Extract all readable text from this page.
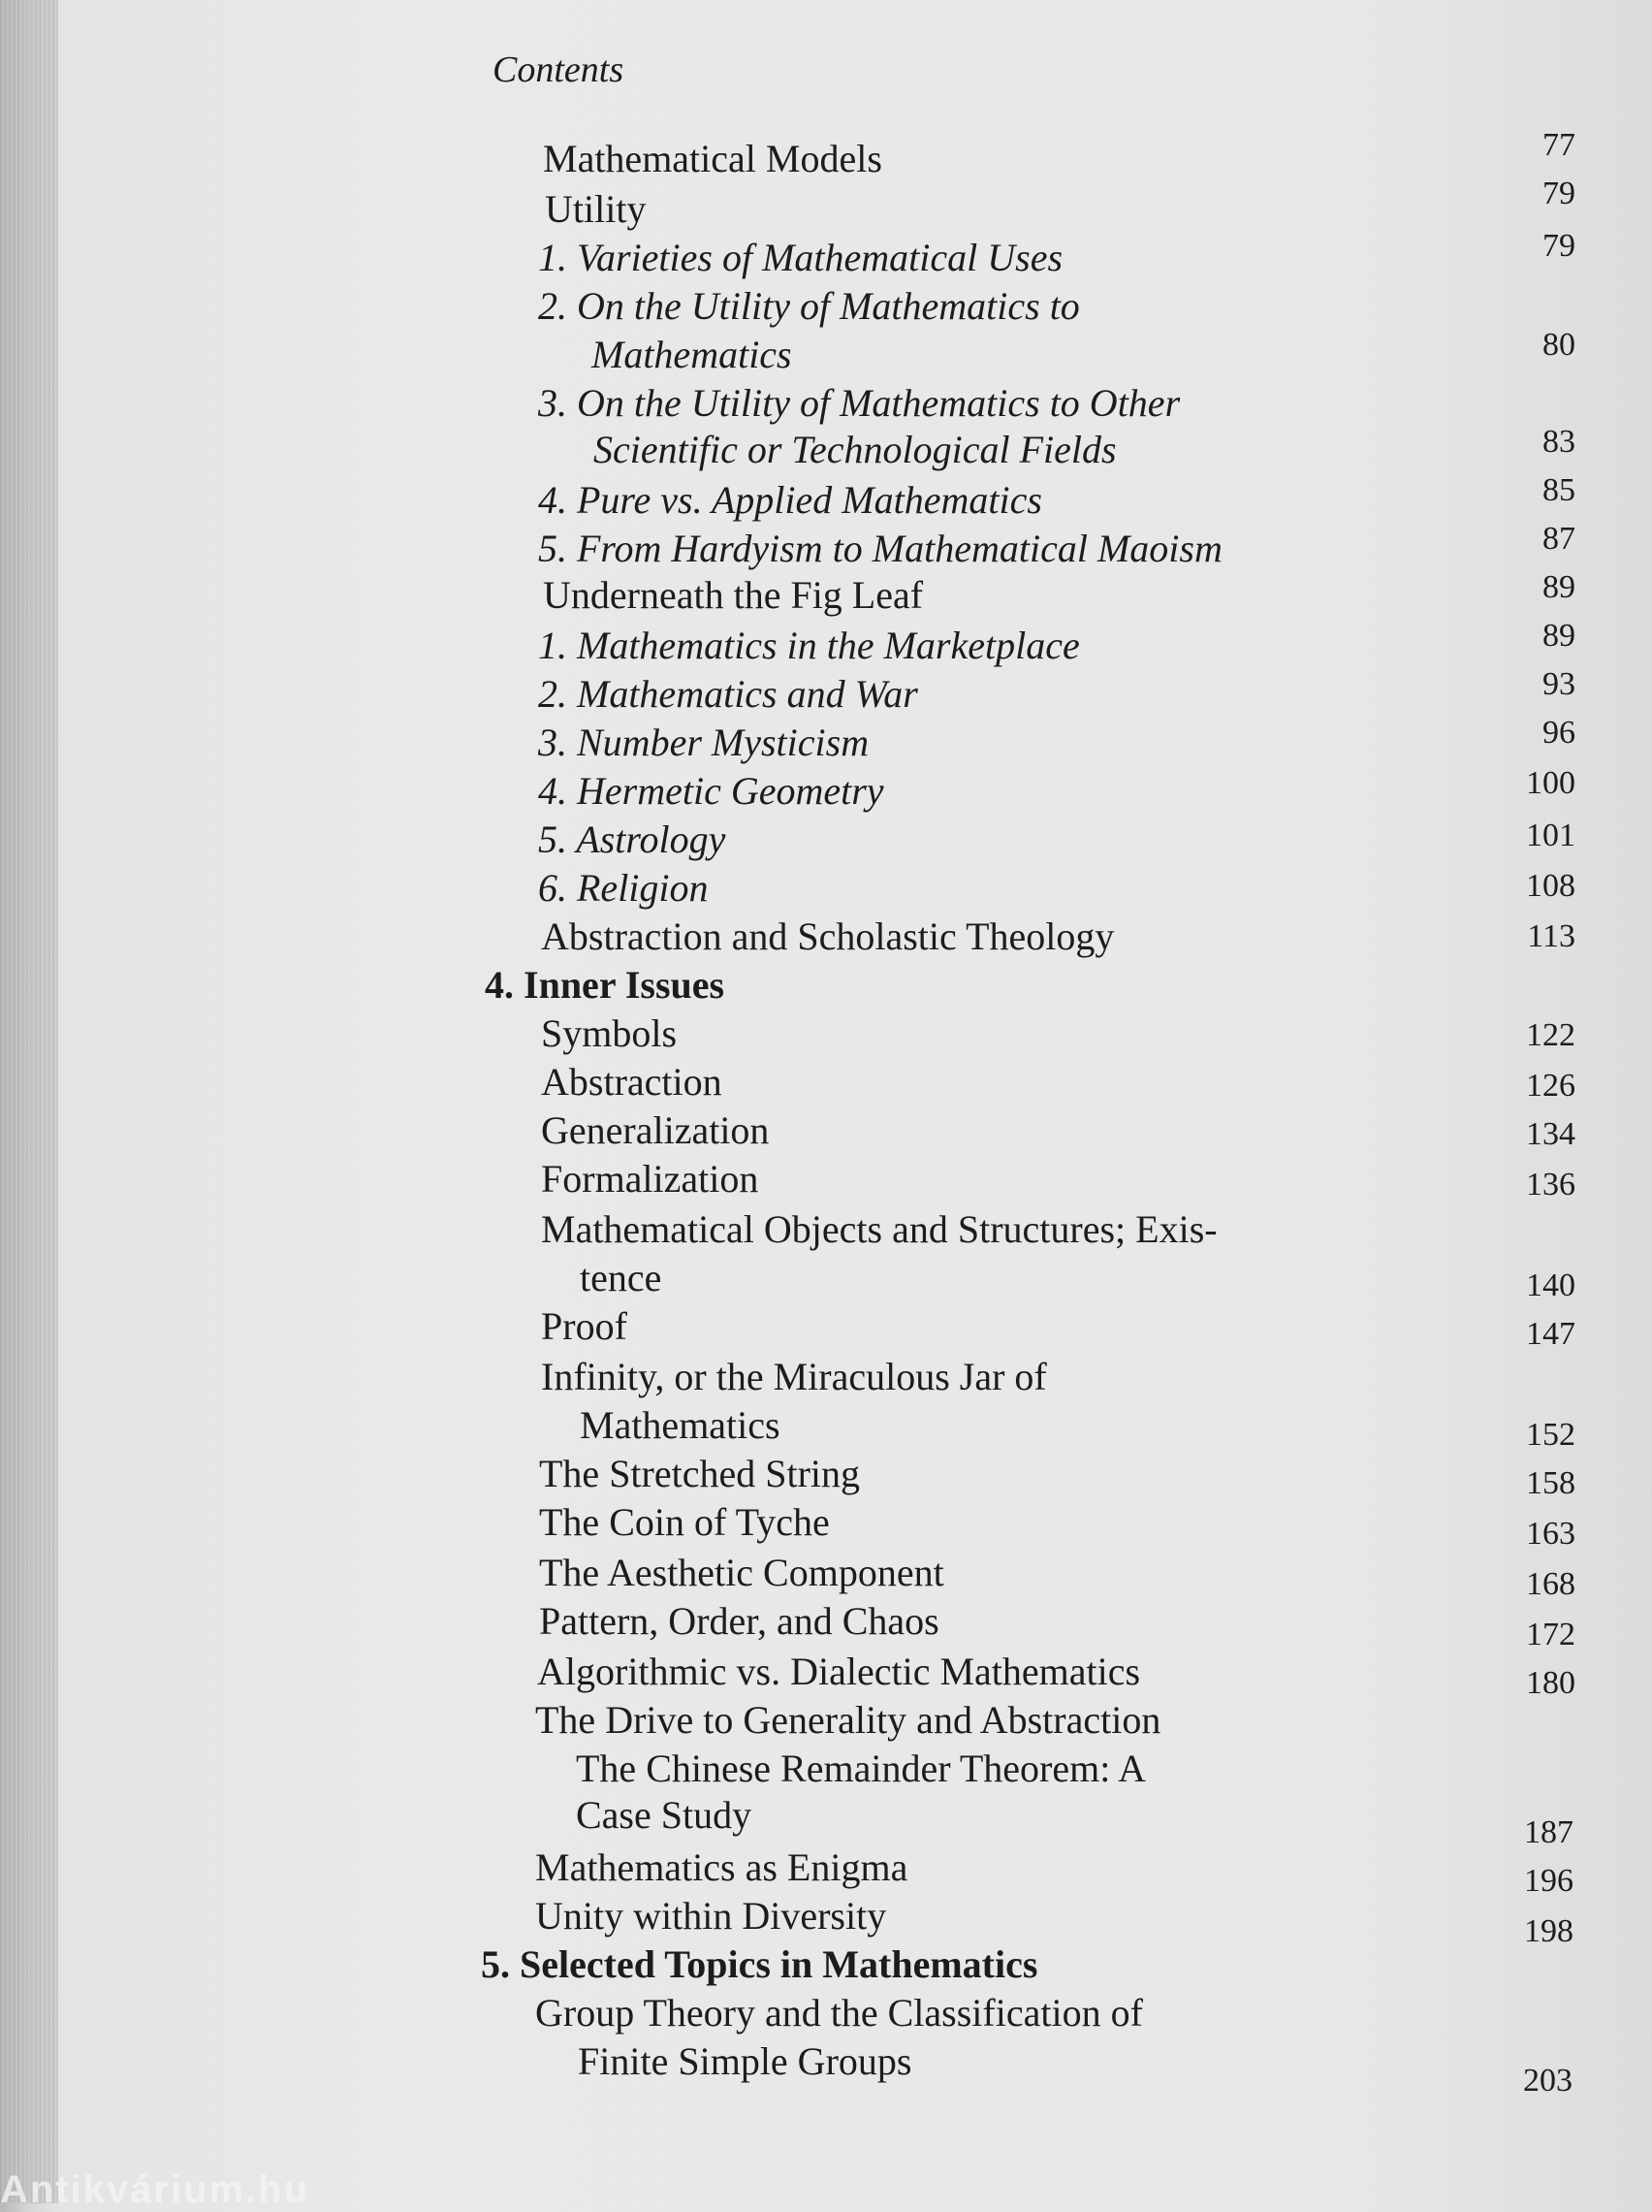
Contents
Mathematical Models	77
Utility	79
1. Varieties of Mathematical Uses	79
2. On the Utility of Mathematics to
Mathematics	80
3. On the Utility of Mathematics to Other
Scientific or Technological Fields	83
4. Pure vs. Applied Mathematics	85
5. From Hardyism to Mathematical Maoism	87
Underneath the Fig Leaf	89
1. Mathematics in the Marketplace	89
2. Mathematics and War	93
3. Number Mysticism	96
4. Hermetic Geometry	100
5. Astrology	101
6. Religion	108
Abstraction and Scholastic Theology	113
4. Inner Issues
Symbols	122
Abstraction	126
Generalization	134
Formalization	136
Mathematical Objects and Structures; Exis-
tence	140
Proof	147
Infinity, or the Miraculous Jar of
Mathematics	152
The Stretched String	158
The Coin of Tyche	163
The Aesthetic Component	168
Pattern, Order, and Chaos	172
Algorithmic vs. Dialectic Mathematics	180
The Drive to Generality and Abstraction
The Chinese Remainder Theorem: A
Case Study	187
Mathematics as Enigma	196
Unity within Diversity	198
5. Selected Topics in Mathematics
Group Theory and the Classification of
Finite Simple Groups	203
Antikvárium.hu
